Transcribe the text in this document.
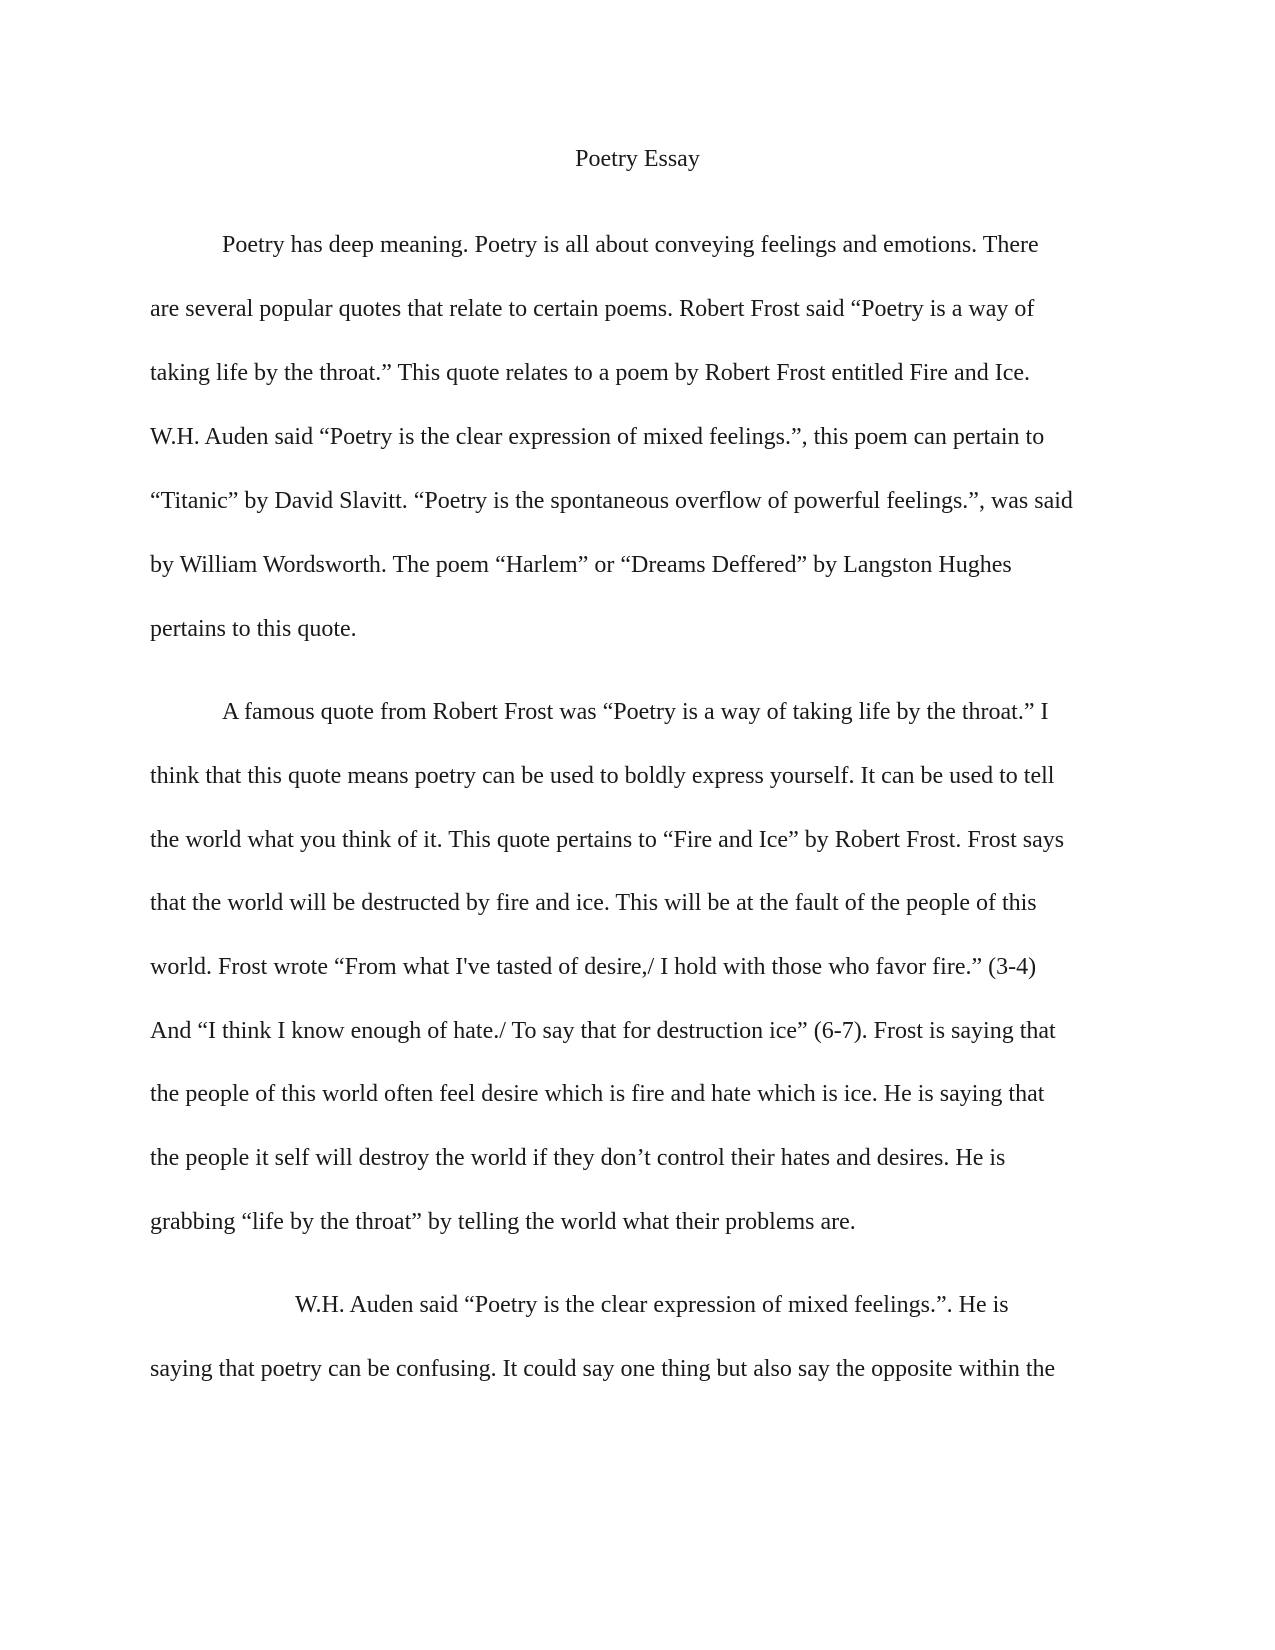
Poetry Essay
Poetry has deep meaning. Poetry is all about conveying feelings and emotions. There
are several popular quotes that relate to certain poems. Robert Frost said “Poetry is a way of
taking life by the throat.” This quote relates to a poem by Robert Frost entitled Fire and Ice.
W.H. Auden said “Poetry is the clear expression of mixed feelings.”, this poem can pertain to
“Titanic” by David Slavitt. “Poetry is the spontaneous overflow of powerful feelings.”, was said
by William Wordsworth. The poem “Harlem” or “Dreams Deffered” by Langston Hughes
pertains to this quote.
A famous quote from Robert Frost was “Poetry is a way of taking life by the throat.” I
think that this quote means poetry can be used to boldly express yourself. It can be used to tell
the world what you think of it. This quote pertains to “Fire and Ice” by Robert Frost. Frost says
that the world will be destructed by fire and ice. This will be at the fault of the people of this
world. Frost wrote “From what I've tasted of desire,/ I hold with those who favor fire.” (3-4)
And “I think I know enough of hate./ To say that for destruction ice” (6-7). Frost is saying that
the people of this world often feel desire which is fire and hate which is ice. He is saying that
the people it self will destroy the world if they don’t control their hates and desires. He is
grabbing “life by the throat” by telling the world what their problems are.
W.H. Auden said “Poetry is the clear expression of mixed feelings.”. He is
saying that poetry can be confusing. It could say one thing but also say the opposite within the
